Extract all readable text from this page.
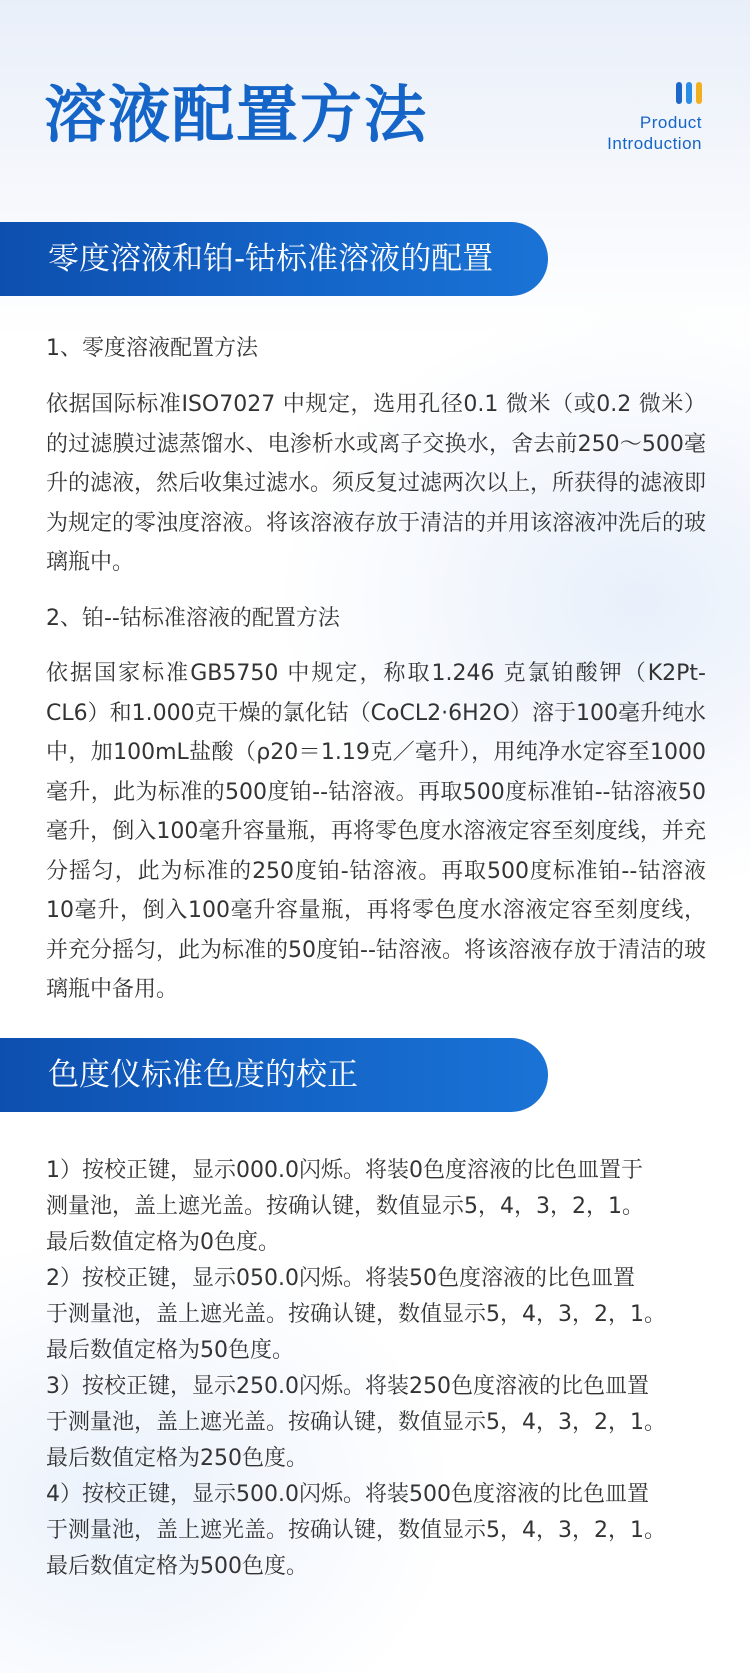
溶液配置方法	Product
Introduction
零度溶液和铂-钴标准溶液的配置
1、零度溶液配置方法
依据国际标准ISO7027 中规定，选用孔径0.1 微米（或0.2 微米）的过滤膜过滤蒸馏水、电渗析水或离子交换水，舍去前250～500毫升的滤液，然后收集过滤水。须反复过滤两次以上，所获得的滤液即为规定的零浊度溶液。将该溶液存放于清洁的并用该溶液冲洗后的玻璃瓶中。
2、铂--钴标准溶液的配置方法
依据国家标准GB5750 中规定，称取1.246 克氯铂酸钾（K2Pt-CL6）和1.000克干燥的氯化钴（CoCL2·6H2O）溶于100毫升纯水中，加100mL盐酸（ρ20＝1.19克／毫升），用纯净水定容至1000毫升，此为标准的500度铂--钴溶液。再取500度标准铂--钴溶液50毫升，倒入100毫升容量瓶，再将零色度水溶液定容至刻度线，并充分摇匀，此为标准的250度铂-钴溶液。再取500度标准铂--钴溶液10毫升，倒入100毫升容量瓶，再将零色度水溶液定容至刻度线，并充分摇匀，此为标准的50度铂--钴溶液。将该溶液存放于清洁的玻璃瓶中备用。
色度仪标准色度的校正
1）按校正键，显示000.0闪烁。将装0色度溶液的比色皿置于
测量池，盖上遮光盖。按确认键，数值显示5，4，3，2，1。
最后数值定格为0色度。
2）按校正键，显示050.0闪烁。将装50色度溶液的比色皿置
于测量池，盖上遮光盖。按确认键，数值显示5，4，3，2，1。
最后数值定格为50色度。
3）按校正键，显示250.0闪烁。将装250色度溶液的比色皿置
于测量池，盖上遮光盖。按确认键，数值显示5，4，3，2，1。
最后数值定格为250色度。
4）按校正键，显示500.0闪烁。将装500色度溶液的比色皿置
于测量池，盖上遮光盖。按确认键，数值显示5，4，3，2，1。
最后数值定格为500色度。
